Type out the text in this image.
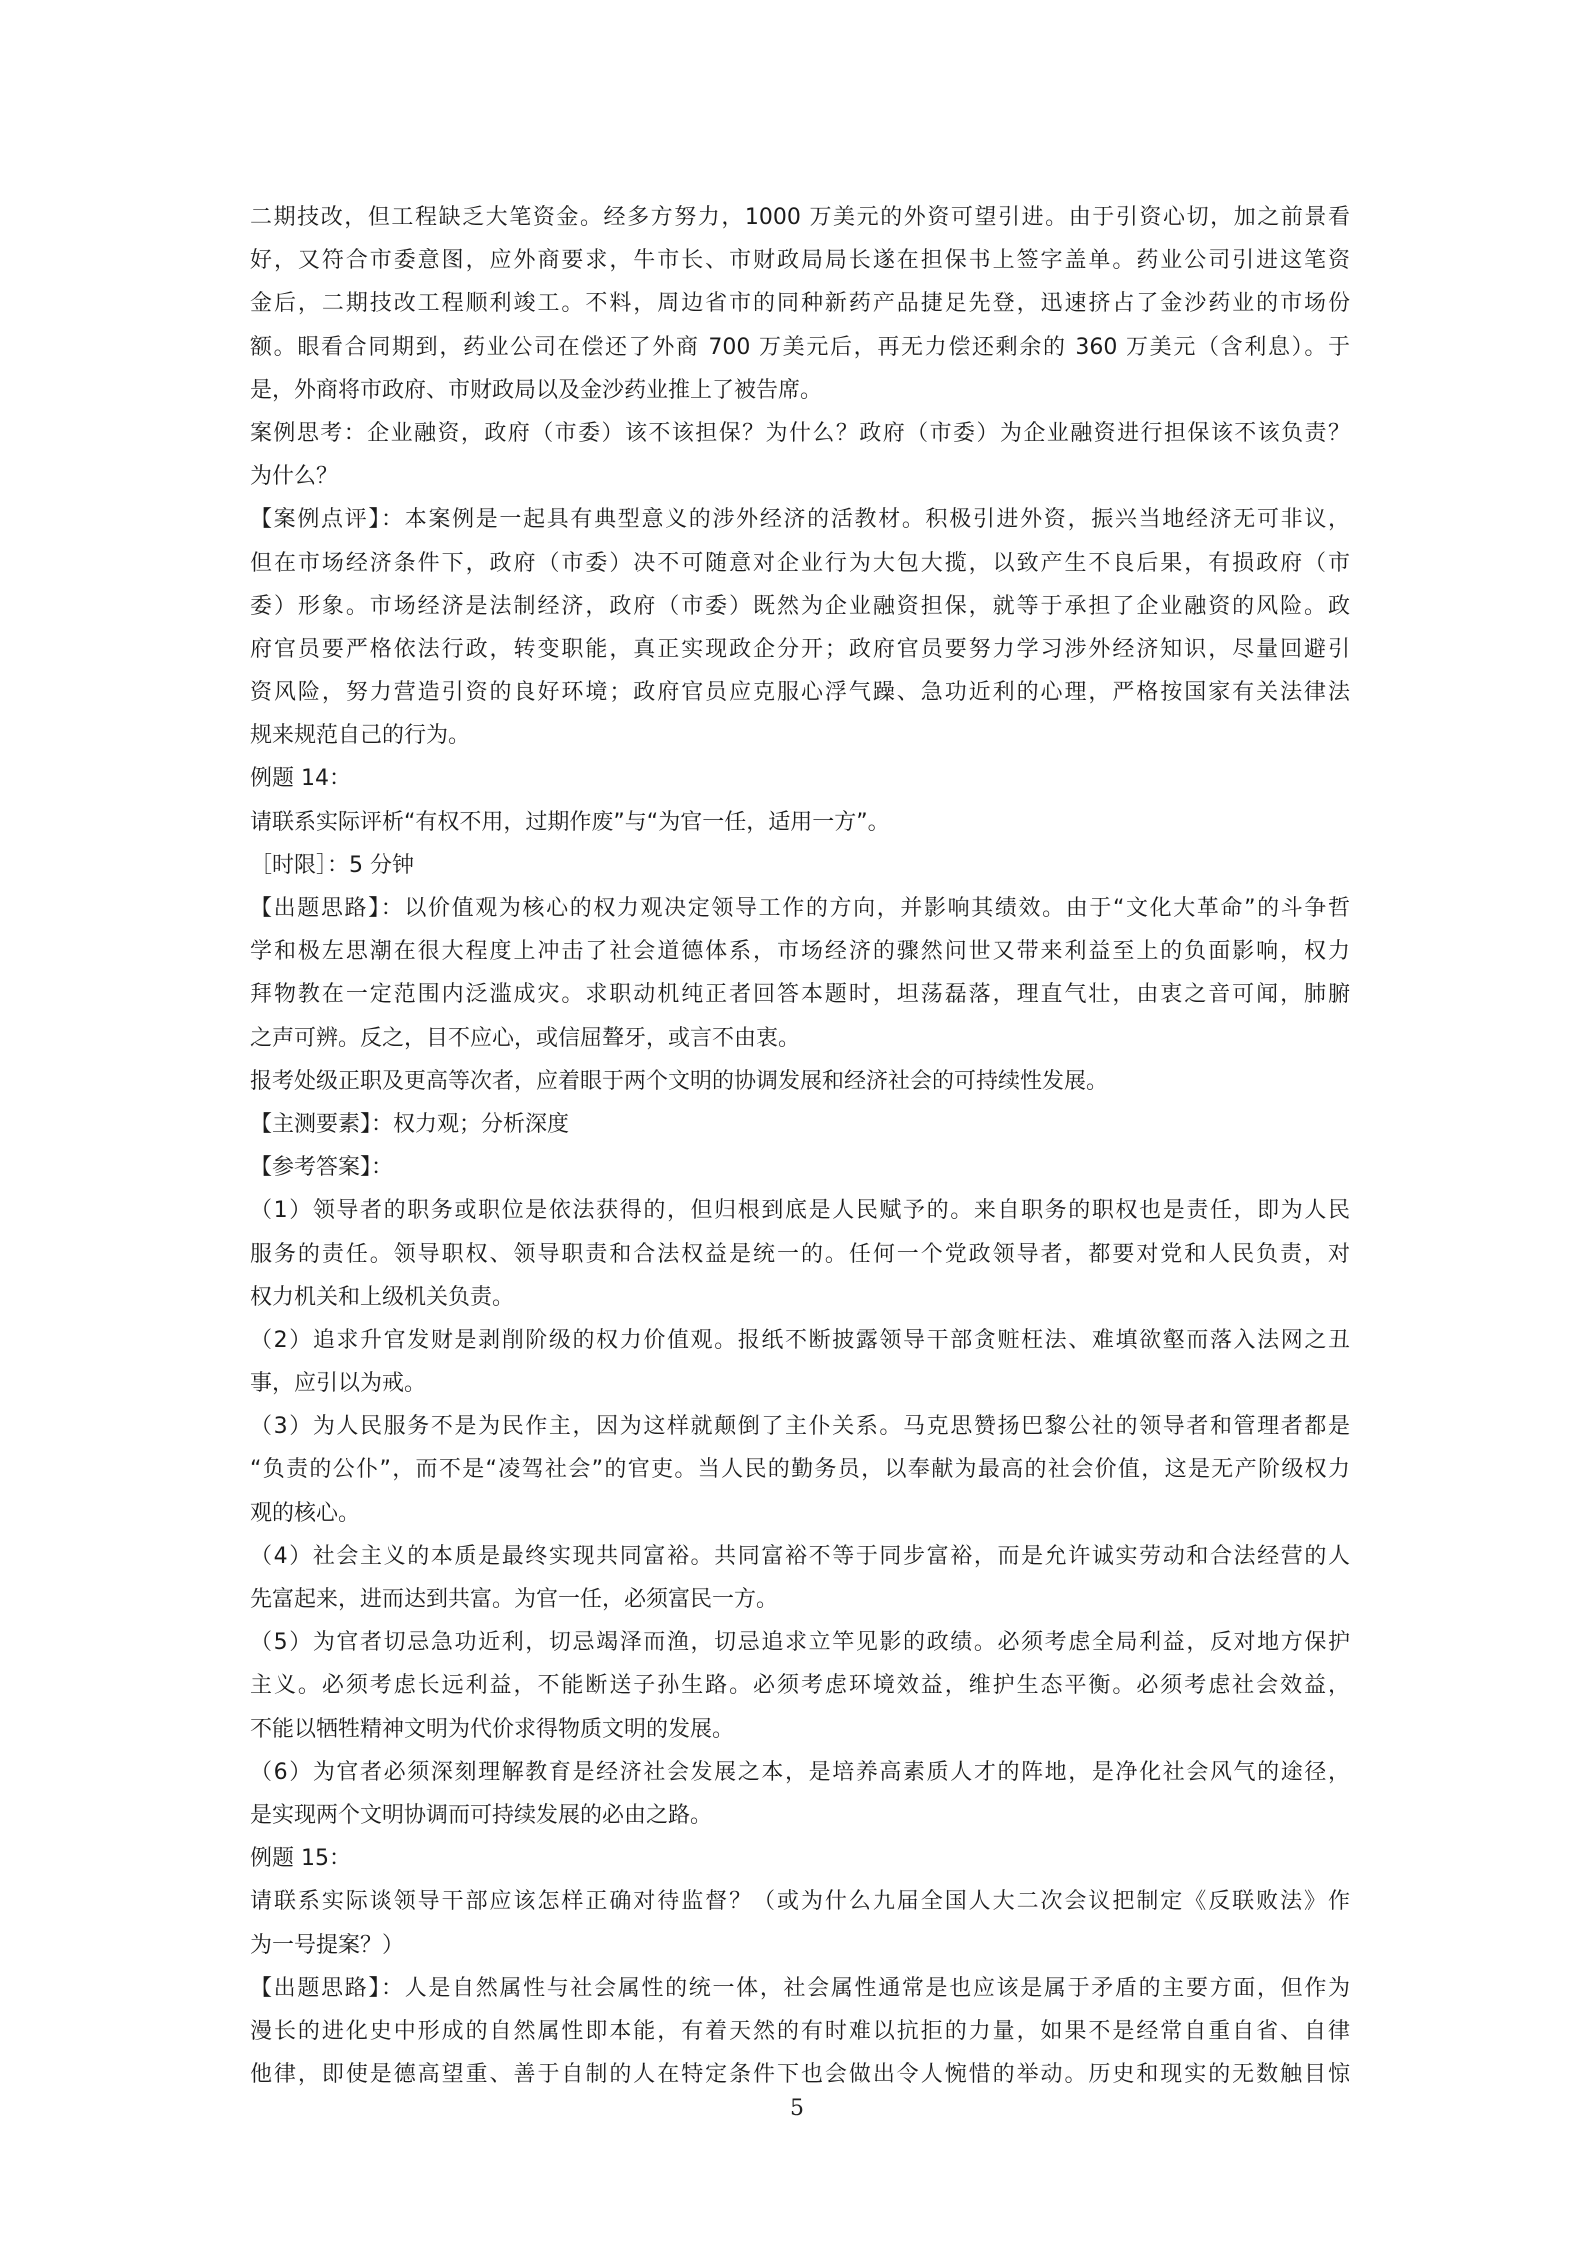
二期技改，但工程缺乏大笔资金。经多方努力，1000 万美元的外资可望引进。由于引资心切，加之前景看
好，又符合市委意图，应外商要求，牛市长、市财政局局长遂在担保书上签字盖单。药业公司引进这笔资
金后，二期技改工程顺利竣工。不料，周边省市的同种新药产品捷足先登，迅速挤占了金沙药业的市场份
额。眼看合同期到，药业公司在偿还了外商 700 万美元后，再无力偿还剩余的 360 万美元（含利息）。于
是，外商将市政府、市财政局以及金沙药业推上了被告席。
案例思考：企业融资，政府（市委）该不该担保？为什么？政府（市委）为企业融资进行担保该不该负责？
为什么？
【案例点评】：本案例是一起具有典型意义的涉外经济的活教材。积极引进外资，振兴当地经济无可非议，
但在市场经济条件下，政府（市委）决不可随意对企业行为大包大揽，以致产生不良后果，有损政府（市
委）形象。市场经济是法制经济，政府（市委）既然为企业融资担保，就等于承担了企业融资的风险。政
府官员要严格依法行政，转变职能，真正实现政企分开；政府官员要努力学习涉外经济知识，尽量回避引
资风险，努力营造引资的良好环境；政府官员应克服心浮气躁、急功近利的心理，严格按国家有关法律法
规来规范自己的行为。
例题 14：
请联系实际评析“有权不用，过期作废”与“为官一任，适用一方”。
［时限］：5 分钟
【出题思路】：以价值观为核心的权力观决定领导工作的方向，并影响其绩效。由于“文化大革命”的斗争哲
学和极左思潮在很大程度上冲击了社会道德体系，市场经济的骤然问世又带来利益至上的负面影响，权力
拜物教在一定范围内泛滥成灾。求职动机纯正者回答本题时，坦荡磊落，理直气壮，由衷之音可闻，肺腑
之声可辨。反之，目不应心，或信屈聱牙，或言不由衷。
报考处级正职及更高等次者，应着眼于两个文明的协调发展和经济社会的可持续性发展。
【主测要素】：权力观；分析深度
【参考答案】：
（1）领导者的职务或职位是依法获得的，但归根到底是人民赋予的。来自职务的职权也是责任，即为人民
服务的责任。领导职权、领导职责和合法权益是统一的。任何一个党政领导者，都要对党和人民负责，对
权力机关和上级机关负责。
（2）追求升官发财是剥削阶级的权力价值观。报纸不断披露领导干部贪赃枉法、难填欲壑而落入法网之丑
事，应引以为戒。
（3）为人民服务不是为民作主，因为这样就颠倒了主仆关系。马克思赞扬巴黎公社的领导者和管理者都是
“负责的公仆”，而不是“凌驾社会”的官吏。当人民的勤务员，以奉献为最高的社会价值，这是无产阶级权力
观的核心。
（4）社会主义的本质是最终实现共同富裕。共同富裕不等于同步富裕，而是允许诚实劳动和合法经营的人
先富起来，进而达到共富。为官一任，必须富民一方。
（5）为官者切忌急功近利，切忌竭泽而渔，切忌追求立竿见影的政绩。必须考虑全局利益，反对地方保护
主义。必须考虑长远利益，不能断送子孙生路。必须考虑环境效益，维护生态平衡。必须考虑社会效益，
不能以牺牲精神文明为代价求得物质文明的发展。
（6）为官者必须深刻理解教育是经济社会发展之本，是培养高素质人才的阵地，是净化社会风气的途径，
是实现两个文明协调而可持续发展的必由之路。
例题 15：
请联系实际谈领导干部应该怎样正确对待监督？（或为什么九届全国人大二次会议把制定《反联败法》作
为一号提案？）
【出题思路】：人是自然属性与社会属性的统一体，社会属性通常是也应该是属于矛盾的主要方面，但作为
漫长的进化史中形成的自然属性即本能，有着天然的有时难以抗拒的力量，如果不是经常自重自省、自律
他律，即使是德高望重、善于自制的人在特定条件下也会做出令人惋惜的举动。历史和现实的无数触目惊
5
